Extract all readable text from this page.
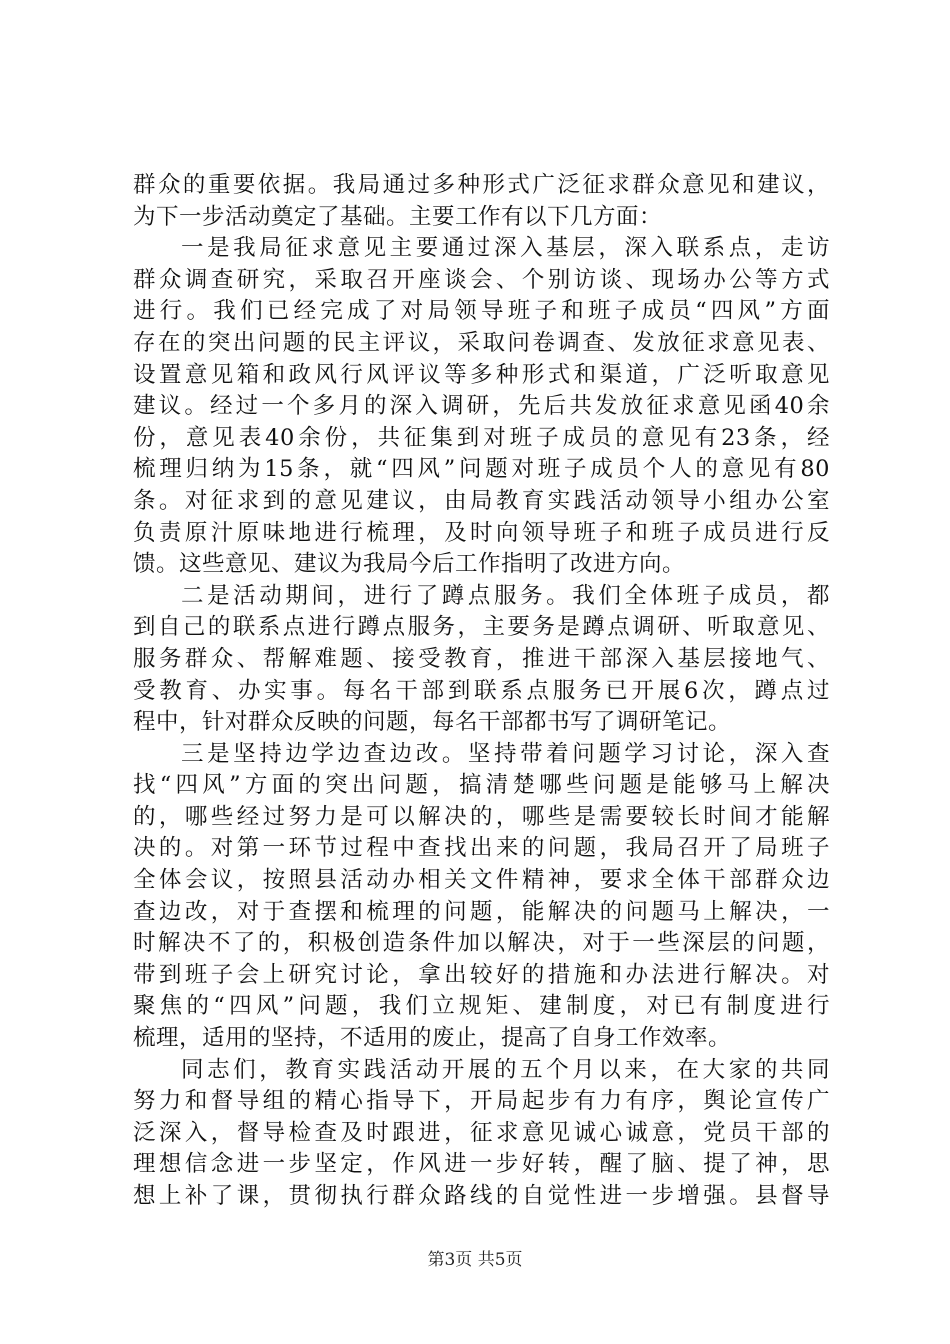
群众的重要依据。我局通过多种形式广泛征求群众意见和建议，
为下一步活动奠定了基础。主要工作有以下几方面：
一是我局征求意见主要通过深入基层，深入联系点，走访
群众调查研究，采取召开座谈会、个别访谈、现场办公等方式
进行。我们已经完成了对局领导班子和班子成员“四风”方面
存在的突出问题的民主评议，采取问卷调查、发放征求意见表、
设置意见箱和政风行风评议等多种形式和渠道，广泛听取意见
建议。经过一个多月的深入调研，先后共发放征求意见函40余
份，意见表40余份，共征集到对班子成员的意见有23条，经
梳理归纳为15条，就“四风”问题对班子成员个人的意见有80
条。对征求到的意见建议，由局教育实践活动领导小组办公室
负责原汁原味地进行梳理，及时向领导班子和班子成员进行反
馈。这些意见、建议为我局今后工作指明了改进方向。
二是活动期间，进行了蹲点服务。我们全体班子成员，都
到自己的联系点进行蹲点服务，主要务是蹲点调研、听取意见、
服务群众、帮解难题、接受教育，推进干部深入基层接地气、
受教育、办实事。每名干部到联系点服务已开展6次，蹲点过
程中，针对群众反映的问题，每名干部都书写了调研笔记。
三是坚持边学边查边改。坚持带着问题学习讨论，深入查
找“四风”方面的突出问题，搞清楚哪些问题是能够马上解决
的，哪些经过努力是可以解决的，哪些是需要较长时间才能解
决的。对第一环节过程中查找出来的问题，我局召开了局班子
全体会议，按照县活动办相关文件精神，要求全体干部群众边
查边改，对于查摆和梳理的问题，能解决的问题马上解决，一
时解决不了的，积极创造条件加以解决，对于一些深层的问题，
带到班子会上研究讨论，拿出较好的措施和办法进行解决。对
聚焦的“四风”问题，我们立规矩、建制度，对已有制度进行
梳理，适用的坚持，不适用的废止，提高了自身工作效率。
同志们，教育实践活动开展的五个月以来，在大家的共同
努力和督导组的精心指导下，开局起步有力有序，舆论宣传广
泛深入，督导检查及时跟进，征求意见诚心诚意，党员干部的
理想信念进一步坚定，作风进一步好转，醒了脑、提了神，思
想上补了课，贯彻执行群众路线的自觉性进一步增强。县督导
第3页 共5页
